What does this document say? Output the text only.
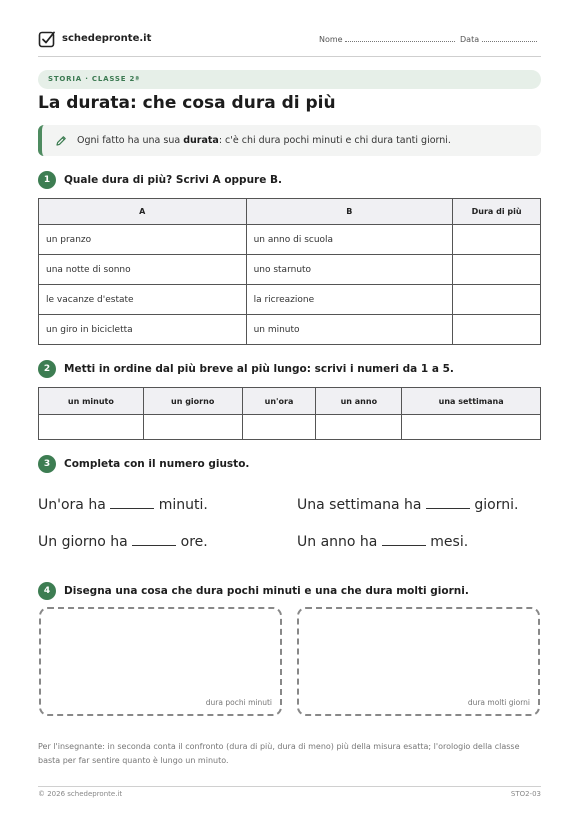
schedepronte.it	Nome	Data
STORIA · CLASSE 2ª
La durata: che cosa dura di più
Ogni fatto ha una sua durata: c'è chi dura pochi minuti e chi dura tanti giorni.
1	Quale dura di più? Scrivi A oppure B.
A	B	Dura di più
un pranzo	un anno di scuola	
una notte di sonno	uno starnuto	
le vacanze d'estate	la ricreazione	
un giro in bicicletta	un minuto	
2	Metti in ordine dal più breve al più lungo: scrivi i numeri da 1 a 5.
un minuto	un giorno	un'ora	un anno	una settimana

3	Completa con il numero giusto.
Un'ora ha	minuti.	Una settimana ha	giorni.
Un giorno ha	ore.	Un anno ha	mesi.
4	Disegna una cosa che dura pochi minuti e una che dura molti giorni.
dura pochi minuti	dura molti giorni
Per l'insegnante: in seconda conta il confronto (dura di più, dura di meno) più della misura esatta; l'orologio della classe basta per far sentire quanto è lungo un minuto.
© 2026 schedepronte.it	STO2-03
